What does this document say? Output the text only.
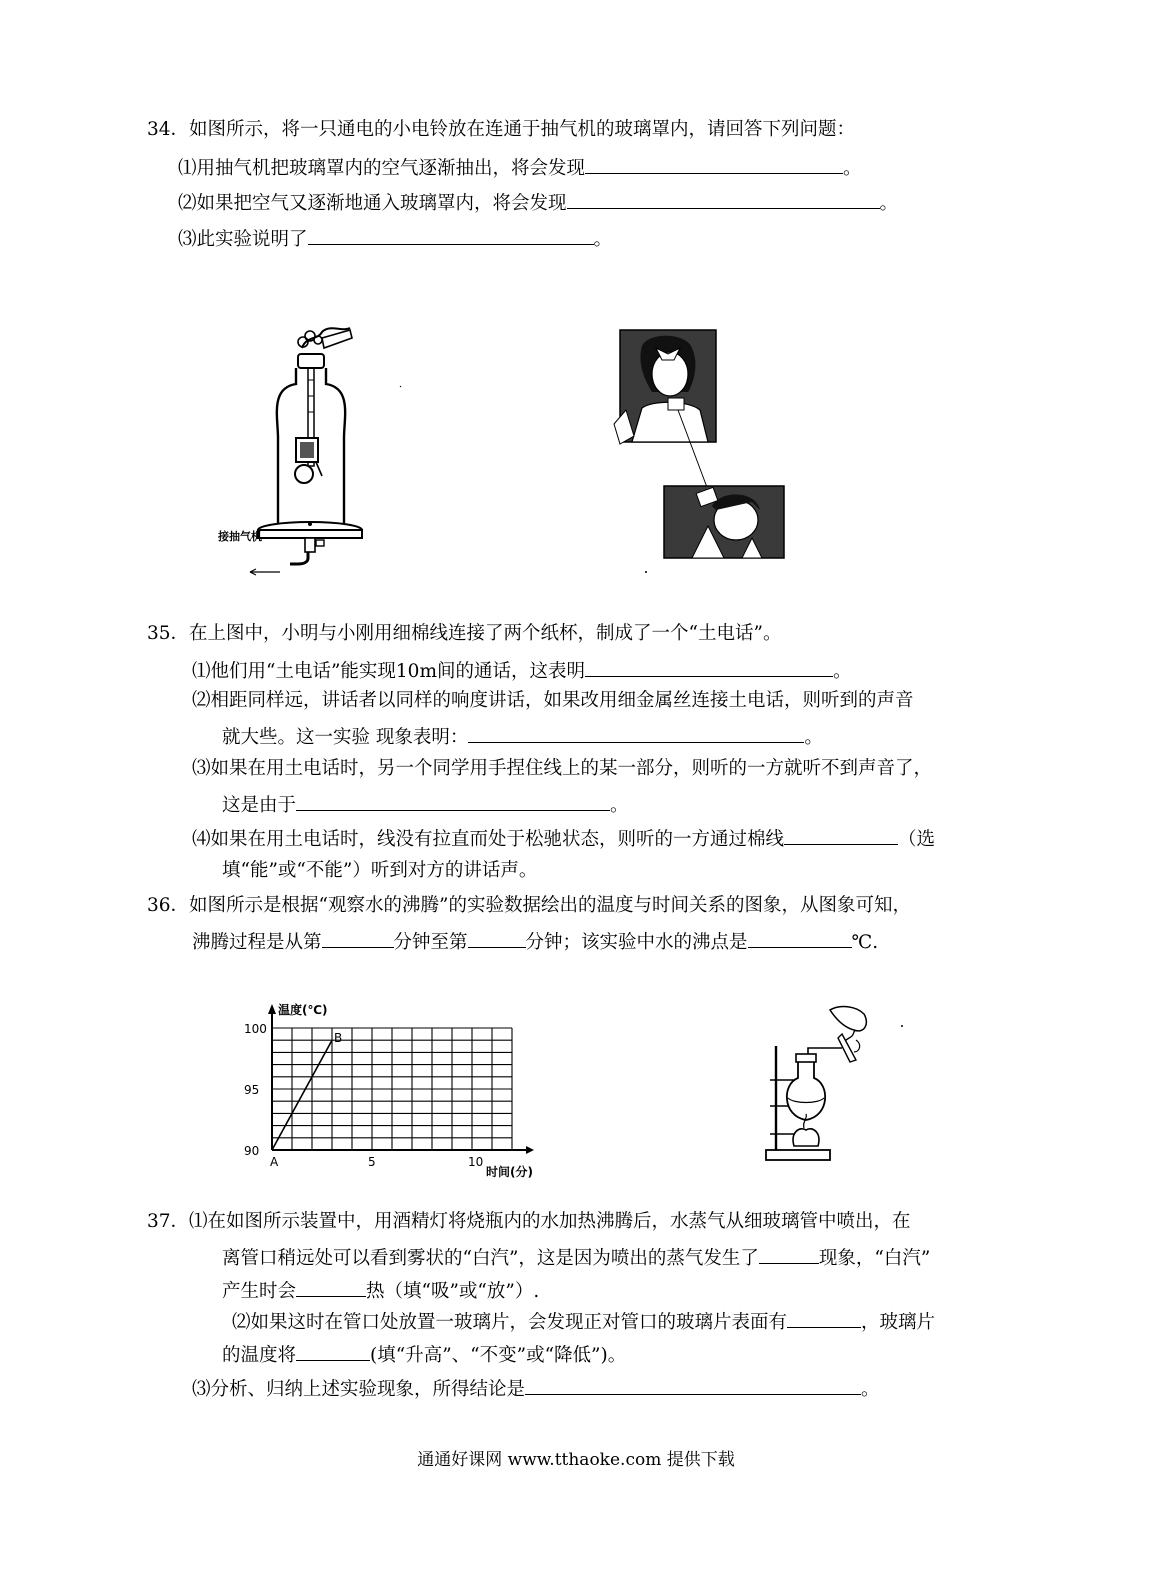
34．如图所示，将一只通电的小电铃放在连通于抽气机的玻璃罩内，请回答下列问题：
⑴用抽气机把玻璃罩内的空气逐渐抽出，将会发现	。
⑵如果把空气又逐渐地通入玻璃罩内，将会发现	。
⑶此实验说明了	。
接抽气机
35．在上图中，小明与小刚用细棉线连接了两个纸杯，制成了一个“土电话”。
⑴他们用“土电话”能实现10m间的通话，这表明	。
⑵相距同样远，讲话者以同样的响度讲话，如果改用细金属丝连接土电话，则听到的声音
就大些。这一实验 现象表明：	。
⑶如果在用土电话时，另一个同学用手捏住线上的某一部分，则听的一方就听不到声音了，
这是由于	。
⑷如果在用土电话时，线没有拉直而处于松驰状态，则听的一方通过棉线	（选
填“能”或“不能”）听到对方的讲话声。
36．如图所示是根据“观察水的沸腾”的实验数据绘出的温度与时间关系的图象，从图象可知，
沸腾过程是从第	分钟至第	分钟；该实验中水的沸点是	℃.
温度(℃)
时间(分)
100
95
90
5	10
A
B
37．⑴在如图所示装置中，用酒精灯将烧瓶内的水加热沸腾后，水蒸气从细玻璃管中喷出，在
离管口稍远处可以看到雾状的“白汽”，这是因为喷出的蒸气发生了	现象，“白汽”
产生时会	热（填“吸”或“放”）.
⑵如果这时在管口处放置一玻璃片，会发现正对管口的玻璃片表面有	，玻璃片
的温度将	(填“升高”、“不变”或“降低”)。
⑶分析、归纳上述实验现象，所得结论是	。
通通好课网 www.tthaoke.com 提供下载
